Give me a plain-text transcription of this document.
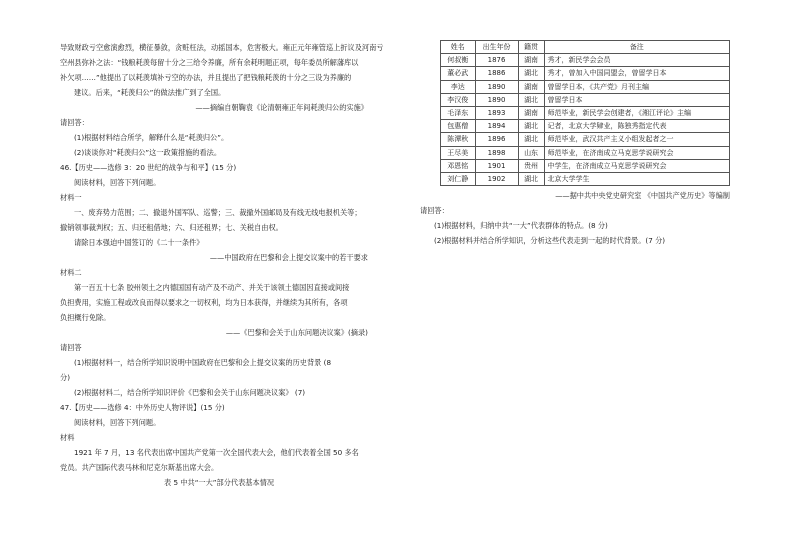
导致财政亏空愈演愈烈，横征暴敛，贪赃枉法，动摇国本，危害极大。雍正元年雍管巡上折议及河南亏

空州县弥补之法：“钱粮耗羡每留十分之三给令养廉，所有余耗明题正项，每年委员所解藩库以

补欠项……”他提出了以耗羡填补亏空的办法，并且提出了把钱粮耗羡的十分之三设为养廉的

建议。后来，“耗羡归公”的做法推广到了全国。

——摘编自朝鞠袁《论清朝雍正年间耗羡归公的实施》

请回答：

(1)根据材料结合所学，解释什么是“耗羡归公”。

(2)谈谈你对“耗羡归公”这一政策措施的看法。

46.【历史——选修 3：20 世纪的战争与和平】(15 分)

阅读材料，回答下列问题。

材料一

一、废弃势力范围；二、撤退外国军队、巡警；三、裁撤外国邮局及有线无线电报机关等；

撤销领事裁判权；五、归还租借地；六、归还租界；七、关税自由权。

请除日本强迫中国签订的《二十一条件》

——中国政府在巴黎和会上提交议案中的若干要求

材料二

第一百五十七条 胶州领土之内德国国有动产及不动产、并关于该领土德国因直接或间接

负担费用，实施工程或改良而得以要求之一切权利，均为日本获得，并继续为其所有，各项

负担概行免除。

——《巴黎和会关于山东问题决议案》(摘录)

请回答

(1)根据材料一，结合所学知识说明中国政府在巴黎和会上提交议案的历史背景 (8

分)

(2)根据材料二，结合所学知识评价《巴黎和会关于山东问题决议案》 (7)

47.【历史——选修 4：中外历史人物评说】(15 分)

阅读材料，回答下列问题。

材料

1921 年 7 月，13 名代表出席中国共产党第一次全国代表大会，他们代表着全国 50 多名

党员。共产国际代表马林和尼克尔斯基出席大会。

表 5 中共“一大”部分代表基本情况

姓名	出生年份	籍贯	备注
何叔衡	1876	湖南	秀才，新民学会会员
董必武	1886	湖北	秀才，曾加入中国同盟会，曾留学日本
李达	1890	湖南	曾留学日本，《共产党》月刊主编
李汉俊	1890	湖北	曾留学日本
毛泽东	1893	湖南	师范毕业，新民学会创建者，《湘江评论》主编
包惠僧	1894	湖北	记者，北京大学肄业，陈独秀指定代表
陈潭秋	1896	湖北	师范毕业，武汉共产主义小组发起者之一
王尽美	1898	山东	师范毕业，在济南成立马克思学说研究会
邓恩铭	1901	贵州	中学生，在济南成立马克思学说研究会
刘仁静	1902	湖北	北京大学学生

——据中共中央党史研究室 《中国共产党历史》等编制

请回答：

(1)根据材料，归纳中共“一大”代表群体的特点。(8 分)

(2)根据材料并结合所学知识，分析这些代表走到一起的时代背景。(7 分)
